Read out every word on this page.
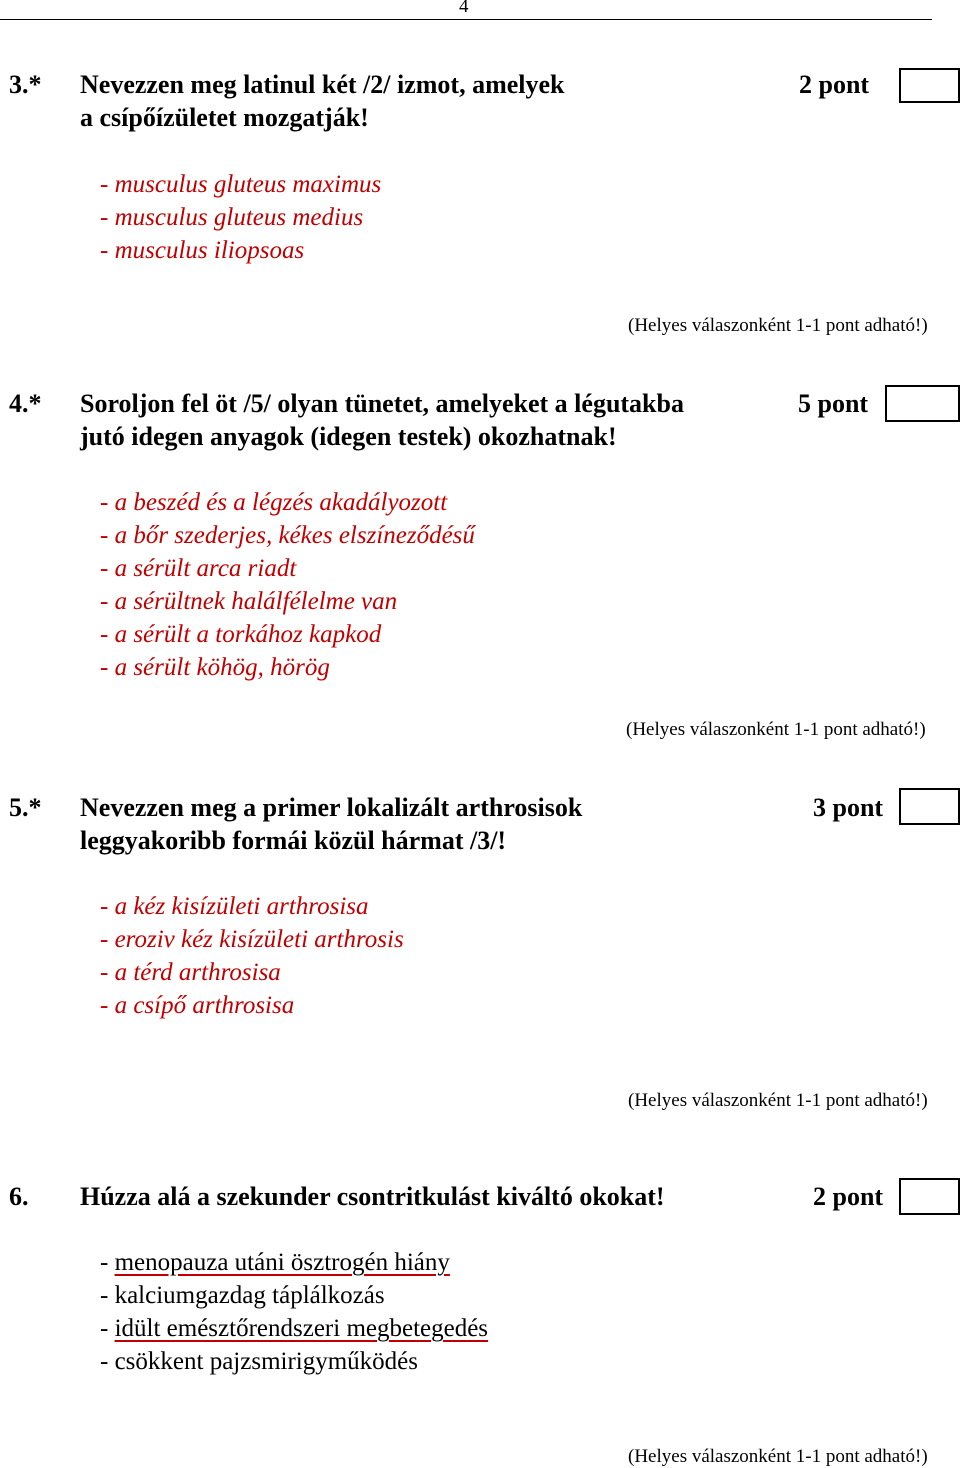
4
3.* Nevezzen meg latinul két /2/ izmot, amelyek
a csípőízületet mozgatják!
2 pont
- musculus gluteus maximus
- musculus gluteus medius
- musculus iliopsoas
(Helyes válaszonként 1-1 pont adható!)
4.* Soroljon fel öt /5/ olyan tünetet, amelyeket a légutakba
jutó idegen anyagok (idegen testek) okozhatnak!
5 pont
- a beszéd és a légzés akadályozott
- a bőr szederjes, kékes elszíneződésű
- a sérült arca riadt
- a sérültnek halálfélelme van
- a sérült a torkához kapkod
- a sérült köhög, hörög
(Helyes válaszonként 1-1 pont adható!)
5.* Nevezzen meg a primer lokalizált arthrosisok
leggyakoribb formái közül hármat /3/!
3 pont
- a kéz kisízületi arthrosisa
- eroziv kéz kisízületi arthrosis
- a térd arthrosisa
- a csípő arthrosisa
(Helyes válaszonként 1-1 pont adható!)
6. Húzza alá a szekunder csontritkulást kiváltó okokat!	2 pont
- menopauza utáni ösztrogén hiány
- kalciumgazdag táplálkozás
- idült emésztőrendszeri megbetegedés
- csökkent pajzsmirigyműködés
(Helyes válaszonként 1-1 pont adható!)
